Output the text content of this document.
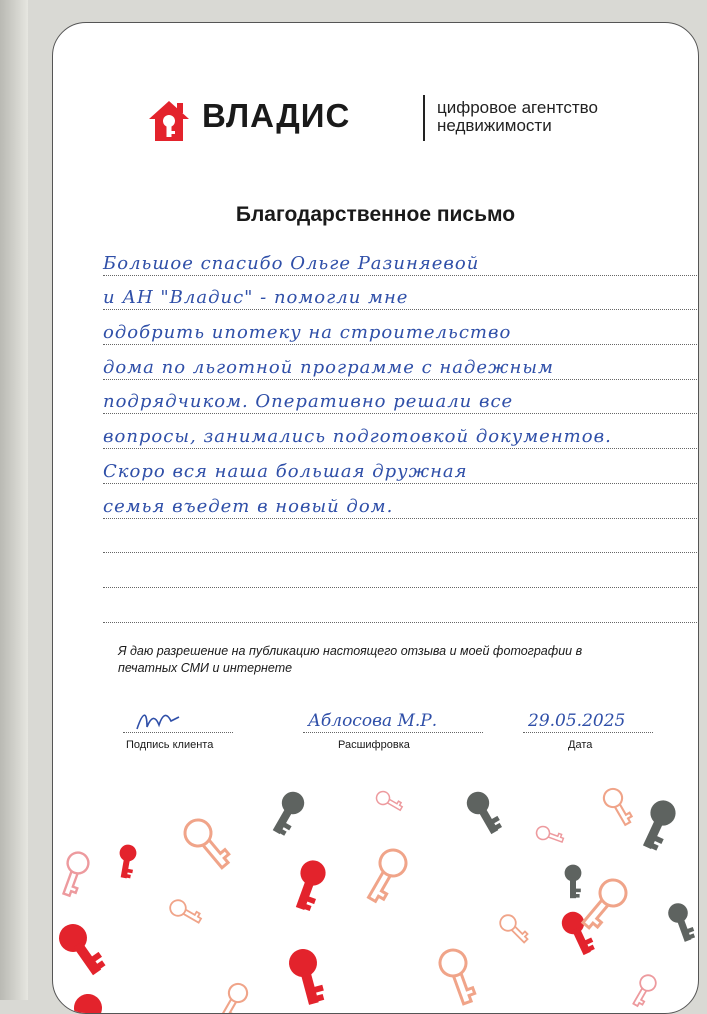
ВЛАДИС	цифровое агентство недвижимости
Благодарственное письмо
Большое спасибо Ольге Разиняевой
и АН "Владис" - помогли мне
одобрить ипотеку на строительство
дома по льготной программе с надежным
подрядчиком. Оперативно решали все
вопросы, занимались подготовкой документов.
Скоро вся наша большая дружная
семья въедет в новый дом.
Я даю разрешение на публикацию настоящего отзыва и моей фотографии в печатных СМИ и интернете
Подпись клиента
Аблосова М.Р.
Расшифровка
29.05.2025
Дата
